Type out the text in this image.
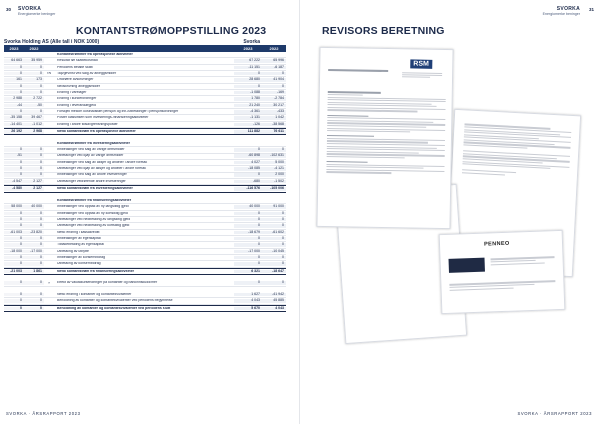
30 SVORKA
Energiomerke beninger
KONTANTSTRØMOPPSTILLING 2023
Svorka Holding AS (Alle tall i NOK 1000)	Svorka
2023	2022	2023	2022
Kontantstrømmer fra operasjonelle aktiviteter
64 663	35 959	Resultat før skattekostnad	67 222	65 996
0	0	Periodens betalte skatt	-11 151	-6 187
0	0	7/9	Tap/gevinst ved salg av anleggsmidler	0	0
161	173	Ordinære avskrivninger	28 680	41 904
0	0	Nedskrivning anleggsmidler	0	0
0	0	Endring i varelager	-1 088	-169
2 988	2 722	Endring i kundefordringer	1 780	-2 784
-44	-50	Endring i leverandørgjeld	21 240	30 217
0	0	Forskjell mellom kostnadsført pensjon og inn-/utbetalinger i pensjonsordninger	-4 361	-433
-35 158	39 467	Poster klassifisert som investerings-/finansieringsaktiviteter	-1 131	1 042
-14 401	-1 012	Endring i andre tidsavgrensningsposter	-126	-38 568
26 192	2 968	Netto kontantstrøm fra operasjonelle aktiviteter	111 882	76 611
Kontantstrømmer fra investeringsaktiviteter
0	0	Innbetalinger ved salg av varige driftsmidler	0	0
-51	0	Utbetalinger ved kjøp av varige driftsmidler	-60 898	-102 631
0	0	Innbetalinger ved salg av aksjer og andeler i andre foretak	4 027	5 000
0	0	Utbetalinger ved kjøp av aksjer og andeler i andre foretak	-18 085	-4 121
0	0	Innbetalinger ved salg av andre investeringer	0	2 000
-4 547	2 127	Utbetalinger vedrørende andre investeringer	-680	-1 502
-4 580	2 127	Netto kontantstrøm fra investeringsaktiviteter	-116 576	-105 006
Kontantstrømmer fra finansieringsaktiviteter
58 000	40 000	Innbetalinger ved opptak av ny langsiktig gjeld	40 000	91 000
0	0	Innbetalinger ved opptak av ny kortsiktig gjeld	0	0
0	0	Utbetalinger ved nedbetaling av langsiktig gjeld	0	0
0	0	Utbetalinger ved nedbetaling av kortsiktig gjeld	0	0
-61 003	-23 820	Netto endring i kassakreditt	-18 679	-61 602
0	0	Innbetalinger av egenkapital	0	0
0	0	Tilbakebetaling av egenkapital	0	0
-18 000	-17 000	Utbetaling av utbytte	-17 000	-10 045
0	0	Innbetalinger av konsernbidrag	0	0
0	0	Utbetaling av konsernbidrag	0	0
-21 003	1 861	Netto kontantstrøm fra finansieringsaktiviteter	6 321	-18 647
0	0	?	Effekt av valutakursendringer på kontanter og bankinnskudd/mer	0	0
0	0	Netto endring i kontanter og kontantekvivalenter	1 627	-41 942
0	0	Beholdning av kontanter og kontantekvivalenter ved periodens begynnelse	4 043	45 885
0	0	Beholdning av kontanter og kontantekvivalenter ved periodens slutt	5 670	4 043
SVORKA · ÅRSRAPPORT 2023
SVORKA
Energiomerke beninger
31
REVISORS BERETNING
PENNEO
RSM
SVORKA · ÅRSRAPPORT 2023
